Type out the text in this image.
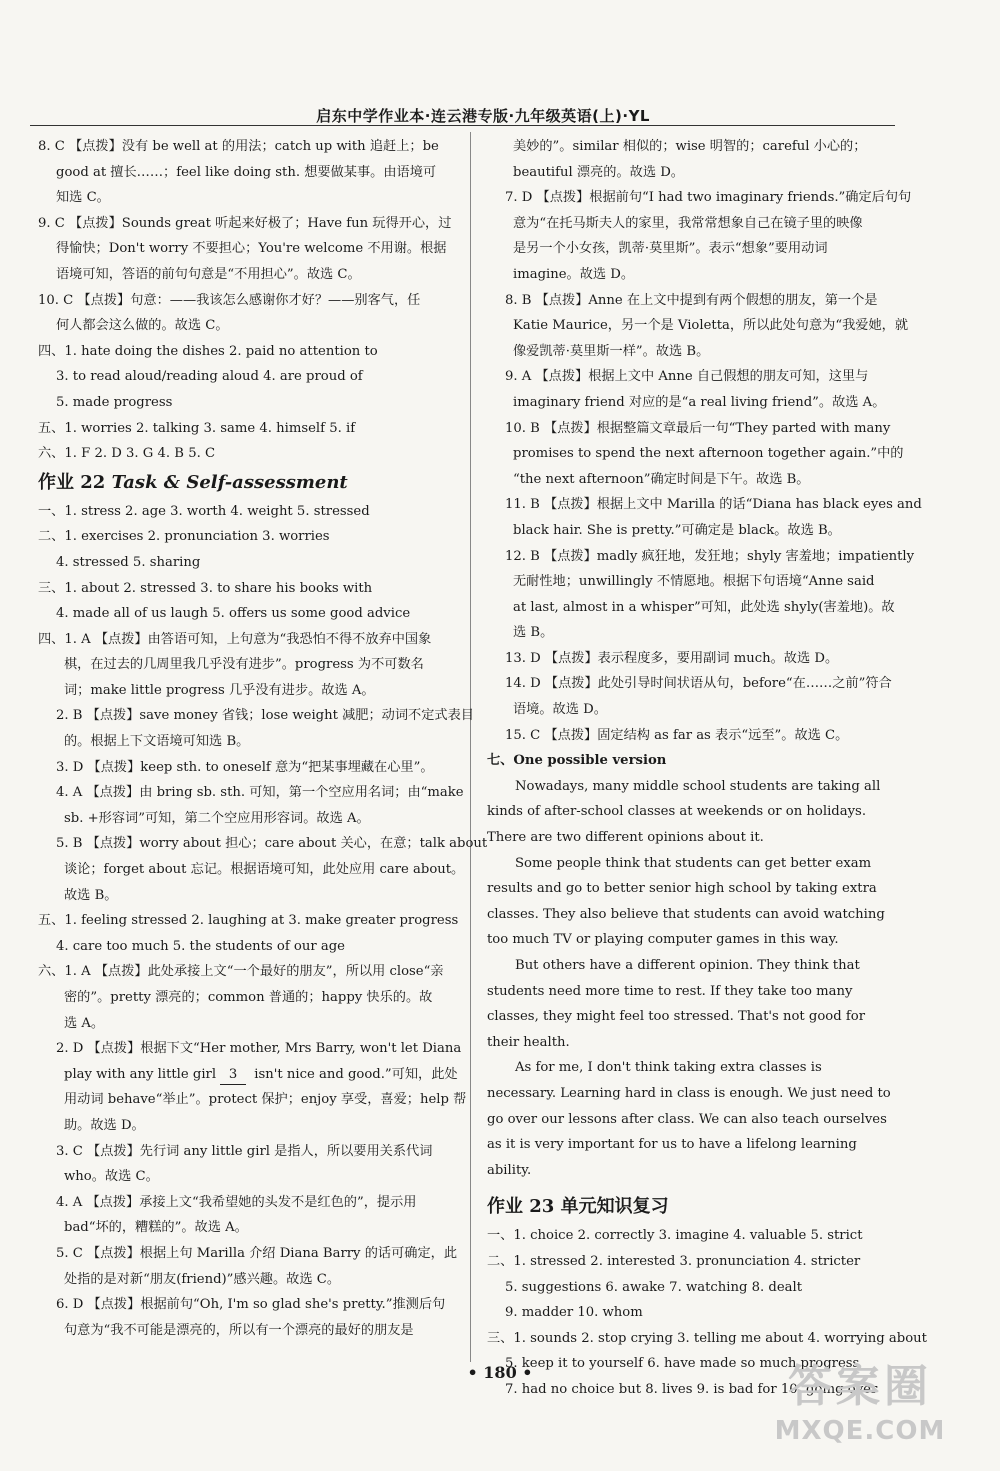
启东中学作业本·连云港专版·九年级英语(上)·YL
8. C 【点拨】没有 be well at 的用法；catch up with 追赶上；be
good at 擅长……；feel like doing sth. 想要做某事。由语境可
知选 C。
9. C 【点拨】Sounds great 听起来好极了；Have fun 玩得开心，过
得愉快；Don't worry 不要担心；You're welcome 不用谢。根据
语境可知，答语的前句句意是“不用担心”。故选 C。
10. C 【点拨】句意：——我该怎么感谢你才好？——别客气，任
何人都会这么做的。故选 C。
四、1. hate doing the dishes 2. paid no attention to
3. to read aloud/reading aloud 4. are proud of
5. made progress
五、1. worries 2. talking 3. same 4. himself 5. if
六、1. F 2. D 3. G 4. B 5. C
作业 22 Task & Self-assessment
一、1. stress 2. age 3. worth 4. weight 5. stressed
二、1. exercises 2. pronunciation 3. worries
4. stressed 5. sharing
三、1. about 2. stressed 3. to share his books with
4. made all of us laugh 5. offers us some good advice
四、1. A 【点拨】由答语可知，上句意为“我恐怕不得不放弃中国象
棋，在过去的几周里我几乎没有进步”。progress 为不可数名
词；make little progress 几乎没有进步。故选 A。
2. B 【点拨】save money 省钱；lose weight 减肥；动词不定式表目
的。根据上下文语境可知选 B。
3. D 【点拨】keep sth. to oneself 意为“把某事埋藏在心里”。
4. A 【点拨】由 bring sb. sth. 可知，第一个空应用名词；由“make
sb. +形容词”可知，第二个空应用形容词。故选 A。
5. B 【点拨】worry about 担心；care about 关心，在意；talk about
谈论；forget about 忘记。根据语境可知，此处应用 care about。
故选 B。
五、1. feeling stressed 2. laughing at 3. make greater progress
4. care too much 5. the students of our age
六、1. A 【点拨】此处承接上文“一个最好的朋友”，所以用 close“亲
密的”。pretty 漂亮的；common 普通的；happy 快乐的。故
选 A。
2. D 【点拨】根据下文“Her mother, Mrs Barry, won't let Diana
play with any little girl 3 isn't nice and good.”可知，此处
用动词 behave“举止”。protect 保护；enjoy 享受，喜爱；help 帮
助。故选 D。
3. C 【点拨】先行词 any little girl 是指人，所以要用关系代词
who。故选 C。
4. A 【点拨】承接上文“我希望她的头发不是红色的”，提示用
bad“坏的，糟糕的”。故选 A。
5. C 【点拨】根据上句 Marilla 介绍 Diana Barry 的话可确定，此
处指的是对新“朋友(friend)”感兴趣。故选 C。
6. D 【点拨】根据前句“Oh, I'm so glad she's pretty.”推测后句
句意为“我不可能是漂亮的，所以有一个漂亮的最好的朋友是
美妙的”。similar 相似的；wise 明智的；careful 小心的；
beautiful 漂亮的。故选 D。
7. D 【点拨】根据前句“I had two imaginary friends.”确定后句句
意为“在托马斯夫人的家里，我常常想象自己在镜子里的映像
是另一个小女孩，凯蒂·莫里斯”。表示“想象”要用动词
imagine。故选 D。
8. B 【点拨】Anne 在上文中提到有两个假想的朋友，第一个是
Katie Maurice，另一个是 Violetta，所以此处句意为“我爱她，就
像爱凯蒂·莫里斯一样”。故选 B。
9. A 【点拨】根据上文中 Anne 自己假想的朋友可知，这里与
imaginary friend 对应的是“a real living friend”。故选 A。
10. B 【点拨】根据整篇文章最后一句“They parted with many
promises to spend the next afternoon together again.”中的
“the next afternoon”确定时间是下午。故选 B。
11. B 【点拨】根据上文中 Marilla 的话“Diana has black eyes and
black hair. She is pretty.”可确定是 black。故选 B。
12. B 【点拨】madly 疯狂地，发狂地；shyly 害羞地；impatiently
无耐性地；unwillingly 不情愿地。根据下句语境“Anne said
at last, almost in a whisper”可知，此处选 shyly(害羞地)。故
选 B。
13. D 【点拨】表示程度多，要用副词 much。故选 D。
14. D 【点拨】此处引导时间状语从句，before“在……之前”符合
语境。故选 D。
15. C 【点拨】固定结构 as far as 表示“远至”。故选 C。
七、One possible version
Nowadays, many middle school students are taking all kinds of after-school classes at weekends or on holidays. There are two different opinions about it.
Some people think that students can get better exam results and go to better senior high school by taking extra classes. They also believe that students can avoid watching too much TV or playing computer games in this way.
But others have a different opinion. They think that students need more time to rest. If they take too many classes, they might feel too stressed. That's not good for their health.
As for me, I don't think taking extra classes is necessary. Learning hard in class is enough. We just need to go over our lessons after class. We can also teach ourselves as it is very important for us to have a lifelong learning ability.
作业 23 单元知识复习
一、1. choice 2. correctly 3. imagine 4. valuable 5. strict
二、1. stressed 2. interested 3. pronunciation 4. stricter
5. suggestions 6. awake 7. watching 8. dealt
9. madder 10. whom
三、1. sounds 2. stop crying 3. telling me about 4. worrying about
5. keep it to yourself 6. have made so much progress
7. had no choice but 8. lives 9. is bad for 10. going over
• 180 •	答案圈
MXQE.COM
